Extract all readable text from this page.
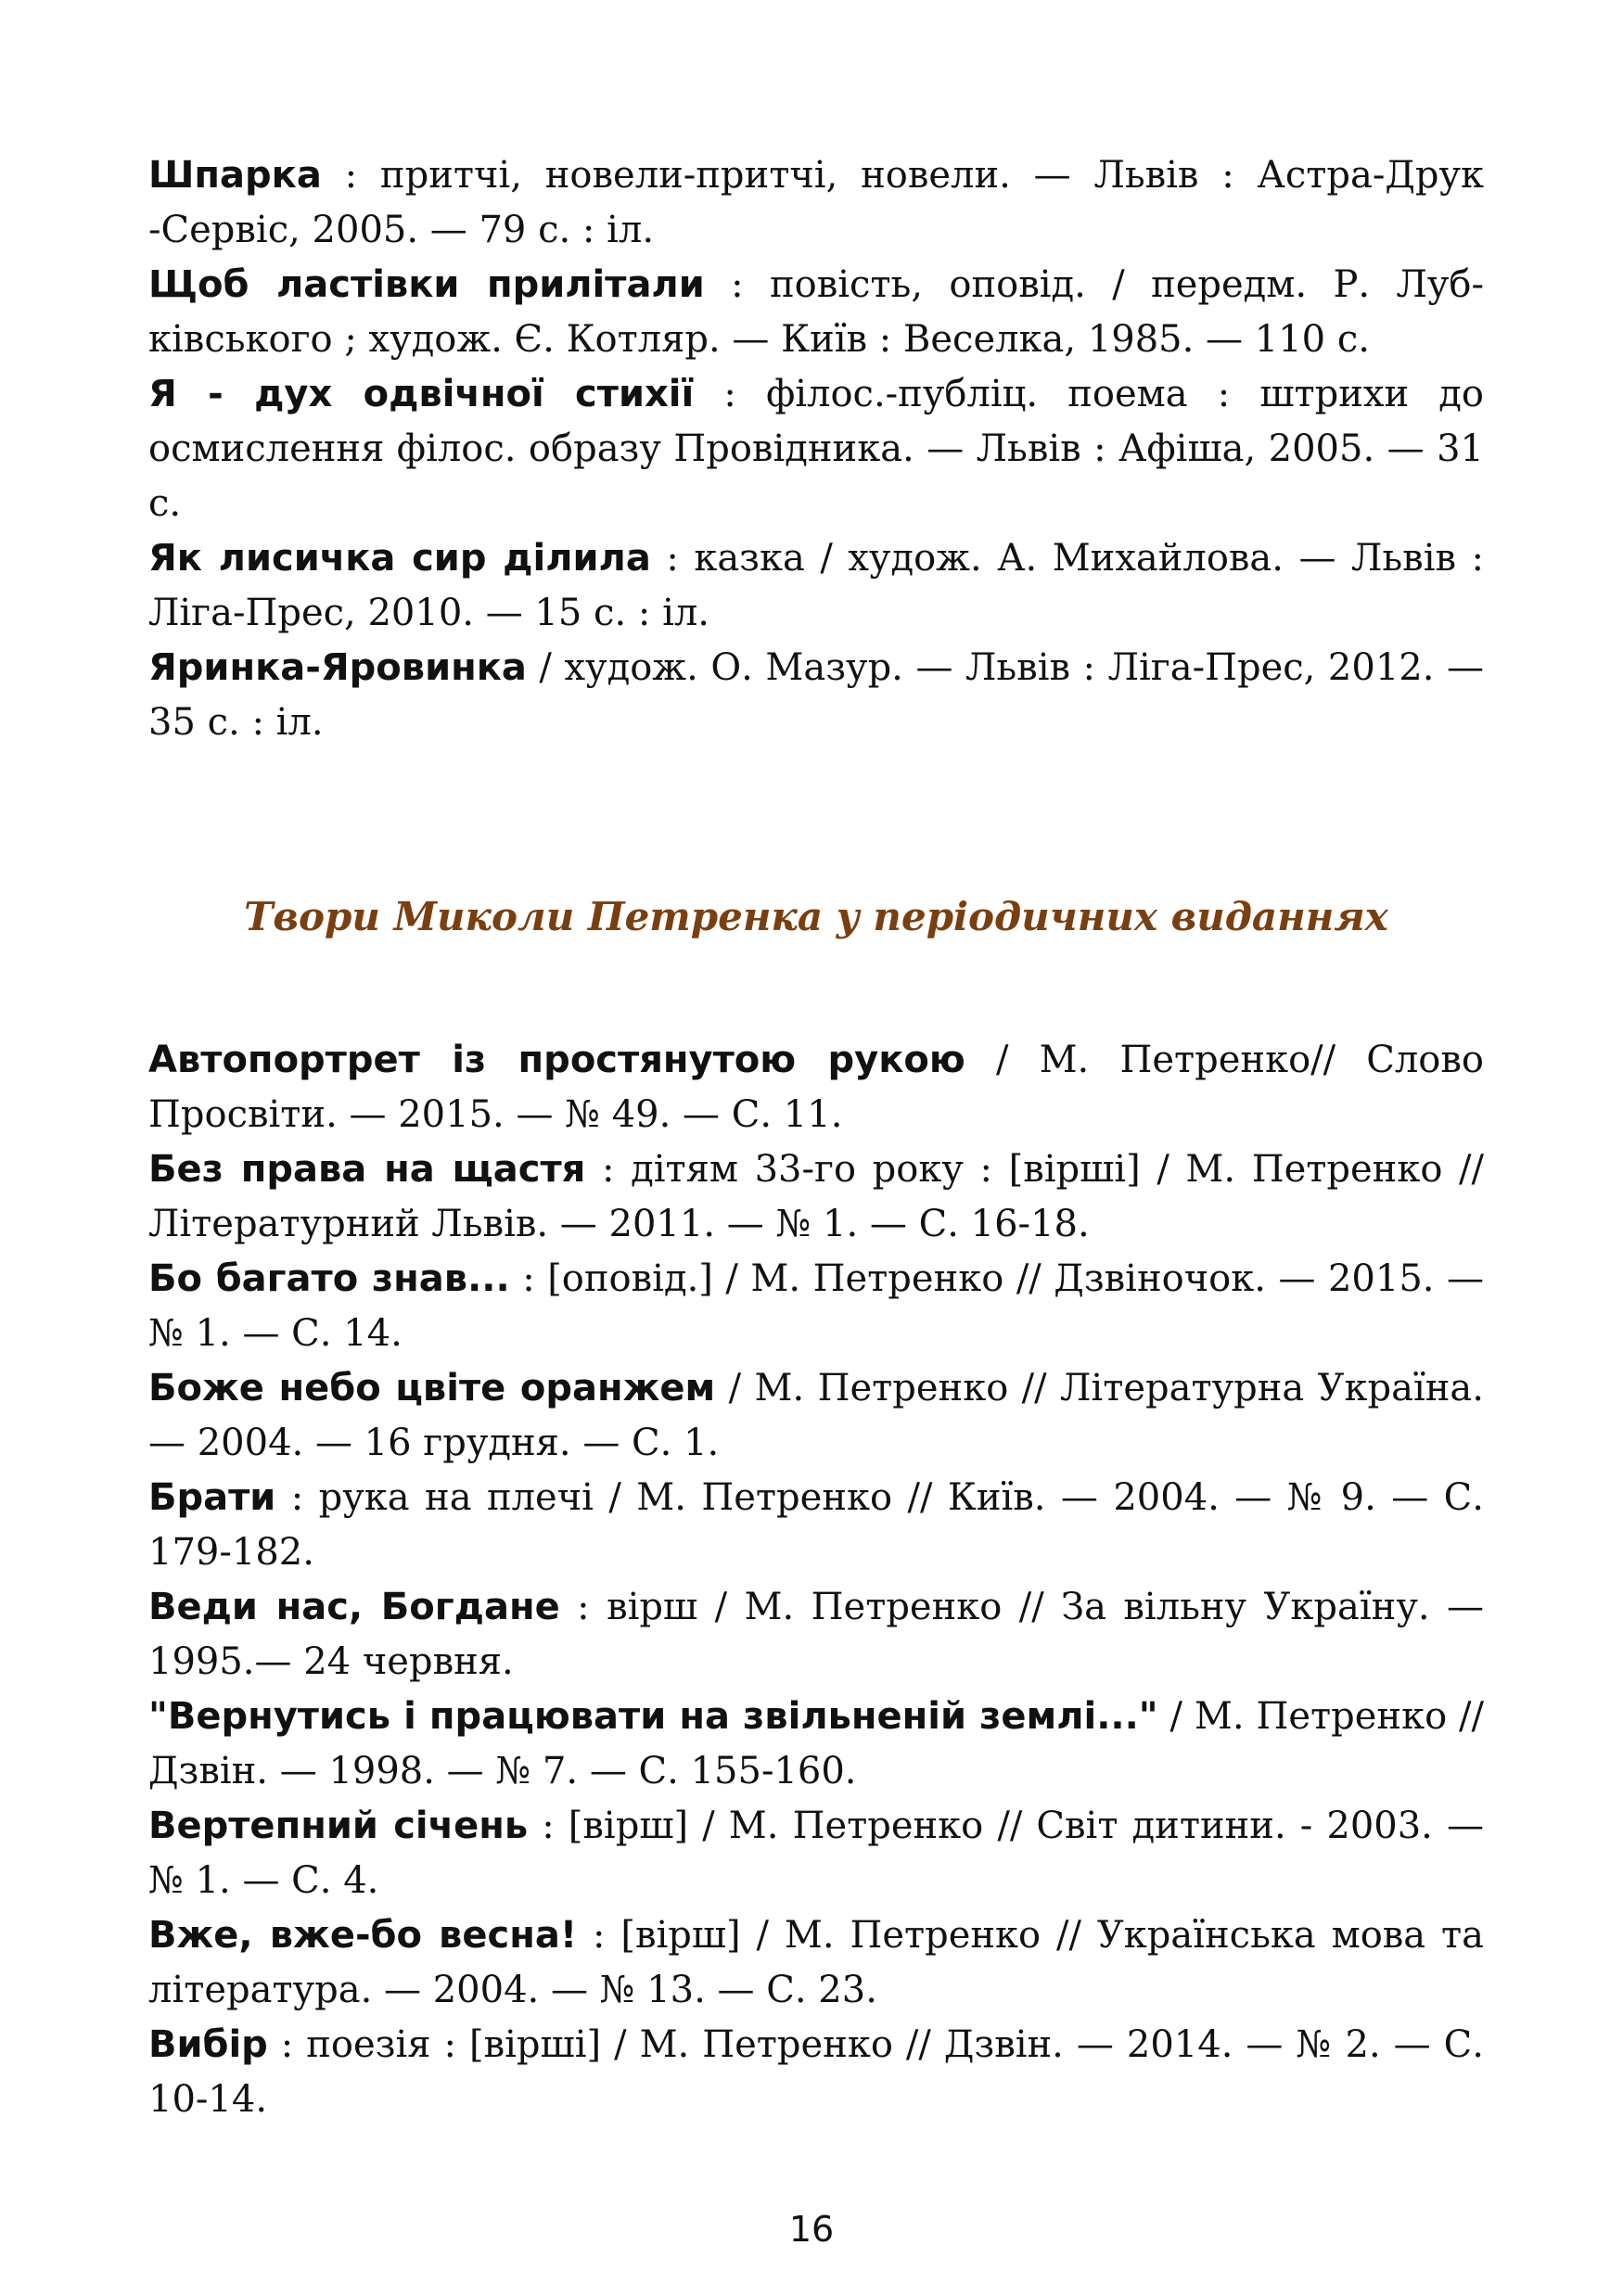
Шпарка : притчі, новели-притчі, новели. — Львів : Астра-Друк -Сервіс, 2005. — 79 с. : іл.

Щоб ластівки прилітали : повість, оповід. / передм. Р. Лубківського ; худож. Є. Котляр. — Київ : Веселка, 1985. — 110 с.

Я - дух одвічної стихії : філос.-публіц. поема : штрихи до осмислення філос. образу Провідника. — Львів : Афіша, 2005. — 31 с.

Як лисичка сир ділила : казка / худож. А. Михайлова. — Львів : Ліга-Прес, 2010. — 15 с. : іл.

Яринка-Яровинка / худож. О. Мазур. — Львів : Ліга-Прес, 2012. — 35 с. : іл.

Твори Миколи Петренка у періодичних виданнях

Автопортрет із простянутою рукою / М. Петренко// Слово Просвіти. — 2015. — № 49. — С. 11.

Без права на щастя : дітям 33-го року : [вірші] / М. Петренко // Літературний Львів. — 2011. — № 1. — С. 16-18.

Бо багато знав... : [оповід.] / М. Петренко // Дзвіночок. — 2015. — № 1. — С. 14.

Боже небо цвіте оранжем / М. Петренко // Літературна Україна. — 2004. — 16 грудня. — С. 1.

Брати : рука на плечі / М. Петренко // Київ. — 2004. — № 9. — С. 179-182.

Веди нас, Богдане : вірш / М. Петренко // За вільну Україну. — 1995.— 24 червня.

"Вернутись і працювати на звільненій землі..." / М. Петренко // Дзвін. — 1998. — № 7. — С. 155-160.

Вертепний січень : [вірш] / М. Петренко // Світ дитини. - 2003. — № 1. — С. 4.

Вже, вже-бо весна! : [вірш] / М. Петренко // Українська мова та література. — 2004. — № 13. — С. 23.

Вибір : поезія : [вірші] / М. Петренко // Дзвін. — 2014. — № 2. — С. 10-14.

16
